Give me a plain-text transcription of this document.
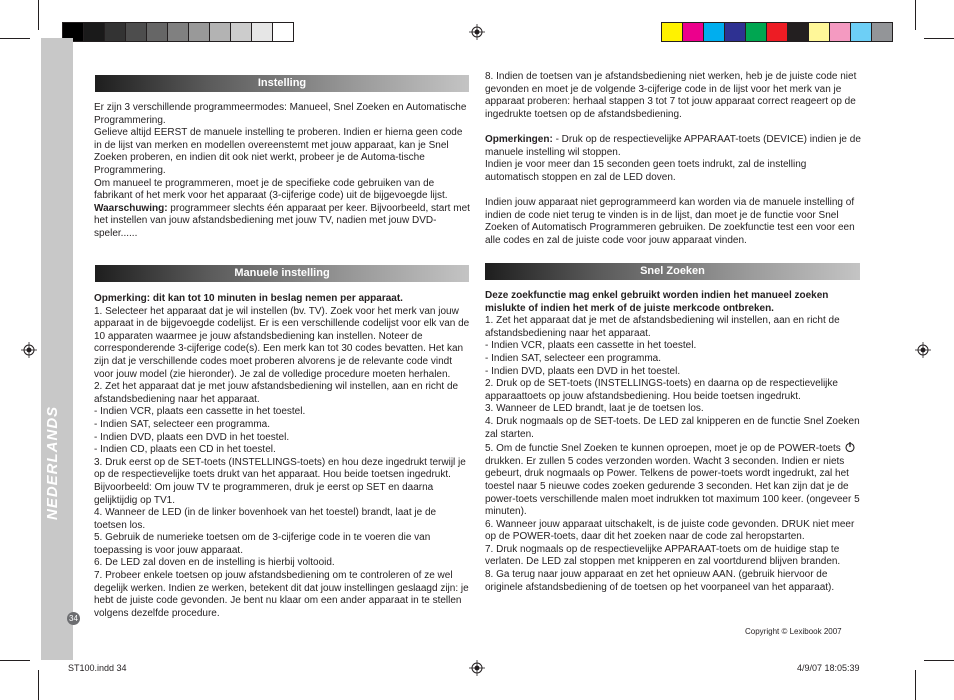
NEDERLANDS
34
Instelling

Er zijn 3 verschillende programmeermodes: Manueel, Snel Zoeken en Automatische Programmering.

Gelieve altijd EERST de manuele instelling te proberen. Indien er hierna geen code in de lijst van merken en modellen overeenstemt met jouw apparaat, kan je Snel Zoeken proberen, en indien dit ook niet werkt, probeer je de Automa-tische Programmering.

Om manueel te programmeren, moet je de specifieke code gebruiken van de fabrikant of het merk voor het apparaat (3-cijferige code) uit de bijgevoegde lijst.

Waarschuwing: programmeer slechts één apparaat per keer. Bijvoorbeeld, start met het instellen van jouw afstandsbediening met jouw TV, nadien met jouw DVD-speler......

Manuele instelling

Opmerking: dit kan tot 10 minuten in beslag nemen per apparaat.

1. Selecteer het apparaat dat je wil instellen (bv. TV). Zoek voor het merk van jouw apparaat in de bijgevoegde codelijst. Er is een verschillende codelijst voor elk van de 10 apparaten waarmee je jouw afstandsbediening kan instellen. Noteer de corresponderende 3-cijferige code(s). Een merk kan tot 30 codes bevatten. Het kan zijn dat je verschillende codes moet proberen alvorens je de relevante code vindt voor jouw model (zie hieronder). Je zal de volledige procedure moeten herhalen.

2. Zet het apparaat dat je met jouw afstandsbediening wil instellen, aan en richt de afstandsbediening naar het apparaat.

- Indien VCR, plaats een cassette in het toestel.

- Indien SAT, selecteer een programma.

- Indien DVD, plaats een DVD in het toestel.

- Indien CD, plaats een CD in het toestel.

3. Druk eerst op de SET-toets (INSTELLINGS-toets) en hou deze ingedrukt terwijl je op de respectievelijke toets drukt van het apparaat. Hou beide toetsen ingedrukt. Bijvoorbeeld: Om jouw TV te programmeren, druk je eerst op SET en daarna gelijktijdig op TV1.

4. Wanneer de LED (in de linker bovenhoek van het toestel) brandt, laat je de toetsen los.

5. Gebruik de numerieke toetsen om de 3-cijferige code in te voeren die van toepassing is voor jouw apparaat.

6. De LED zal doven en de instelling is hierbij voltooid.

7. Probeer enkele toetsen op jouw afstandsbediening om te controleren of ze wel degelijk werken. Indien ze werken, betekent dit dat jouw instellingen geslaagd zijn: je hebt de juiste code gevonden. Je bent nu klaar om een ander apparaat in te stellen volgens dezelfde procedure.

8. Indien de toetsen van je afstandsbediening niet werken, heb je de juiste code niet gevonden en moet je de volgende 3-cijferige code in de lijst voor het merk van je apparaat proberen: herhaal stappen 3 tot 7 tot jouw apparaat correct reageert op de ingedrukte toetsen op de afstandsbediening.

Opmerkingen: - Druk op de respectievelijke APPARAAT-toets (DEVICE) indien je de manuele instelling wil stoppen.

Indien je voor meer dan 15 seconden geen toets indrukt, zal de instelling automatisch stoppen en zal de LED doven.

Indien jouw apparaat niet geprogrammeerd kan worden via de manuele instelling of indien de code niet terug te vinden is in de lijst, dan moet je de functie voor Snel Zoeken of Automatisch Programmeren gebruiken. De zoekfunctie test een voor een alle codes en zal de juiste code voor jouw apparaat vinden.

Snel Zoeken

Deze zoekfunctie mag enkel gebruikt worden indien het manueel zoeken mislukte of indien het merk of de juiste merkcode ontbreken.

1. Zet het apparaat dat je met de afstandsbediening wil instellen, aan en richt de afstandsbediening naar het apparaat.

- Indien VCR, plaats een cassette in het toestel.

- Indien SAT, selecteer een programma.

- Indien DVD, plaats een DVD in het toestel.

2. Druk op de SET-toets (INSTELLINGS-toets) en daarna op de respectievelijke apparaattoets op jouw afstandsbediening. Hou beide toetsen ingedrukt.

3. Wanneer de LED brandt, laat je de toetsen los.

4. Druk nogmaals op de SET-toets. De LED zal knipperen en de functie Snel Zoeken zal starten.

5. Om de functie Snel Zoeken te kunnen oproepen, moet je op de POWER-toets  drukken. Er zullen 5 codes verzonden worden. Wacht 3 seconden. Indien er niets gebeurt, druk nogmaals op Power. Telkens de power-toets wordt ingedrukt, zal het toestel naar 5 nieuwe codes zoeken gedurende 3 seconden. Het kan zijn dat je de power-toets verschillende malen moet indrukken tot maximum 100 keer. (ongeveer 5 minuten).

6. Wanneer jouw apparaat uitschakelt, is de juiste code gevonden. DRUK niet meer op de POWER-toets, daar dit het zoeken naar de code zal heropstarten.

7. Druk nogmaals op de respectievelijke APPARAAT-toets om de huidige stap te verlaten. De LED zal stoppen met knipperen en zal voortdurend blijven branden.

8. Ga terug naar jouw apparaat en zet het opnieuw AAN. (gebruik hiervoor de originele afstandsbediening of de toetsen op het voorpaneel van het apparaat).

Copyright © Lexibook 2007
ST100.indd 34	4/9/07 18:05:39
